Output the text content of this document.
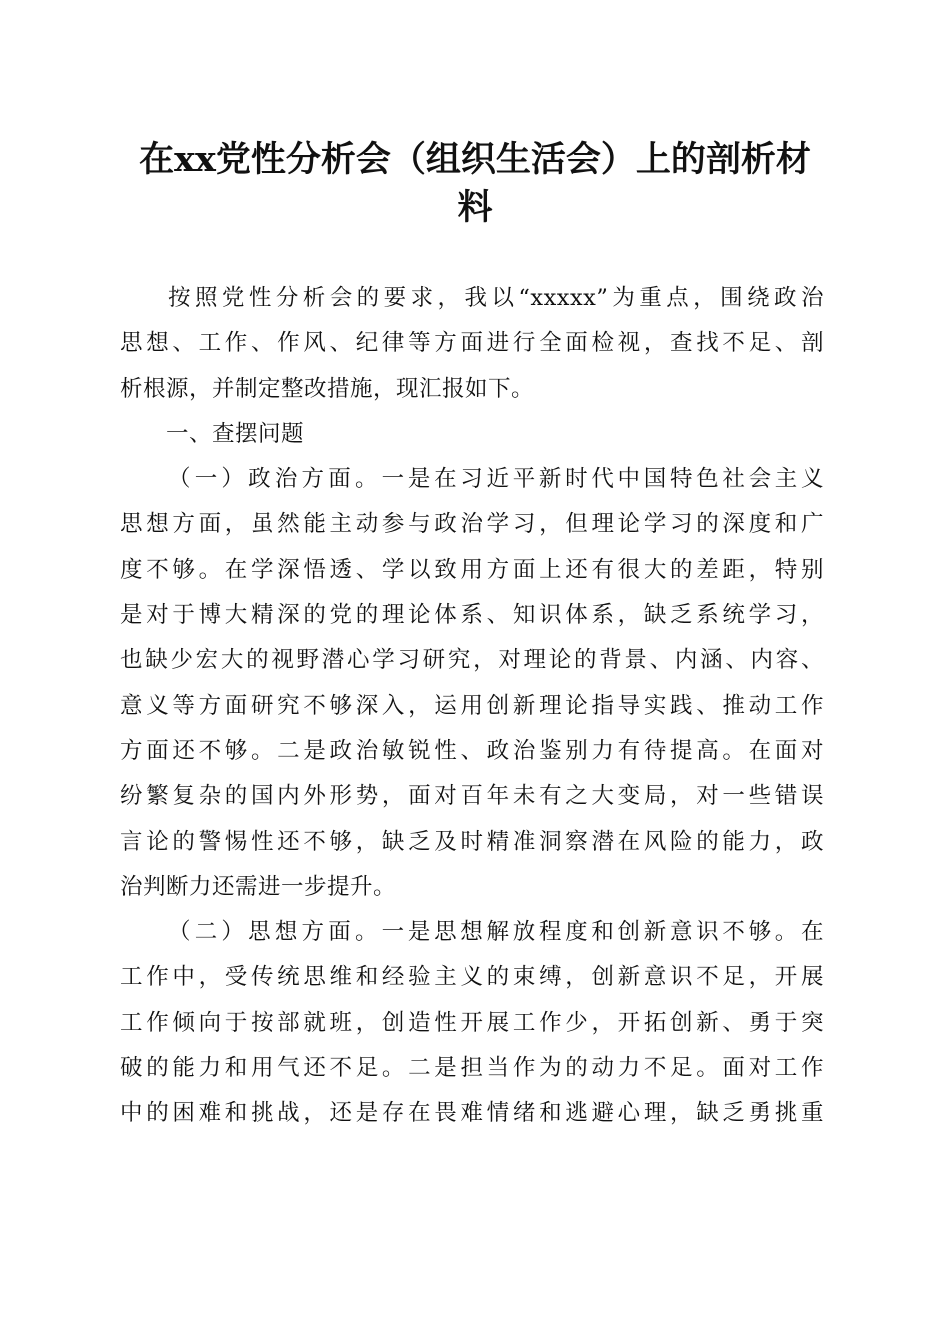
在xx党性分析会（组织生活会）上的剖析材
料
按照党性分析会的要求，我以“xxxxx”为重点，围绕政治
思想、工作、作风、纪律等方面进行全面检视，查找不足、剖
析根源，并制定整改措施，现汇报如下。
一、查摆问题
（一）政治方面。一是在习近平新时代中国特色社会主义
思想方面，虽然能主动参与政治学习，但理论学习的深度和广
度不够。在学深悟透、学以致用方面上还有很大的差距，特别
是对于博大精深的党的理论体系、知识体系，缺乏系统学习，
也缺少宏大的视野潜心学习研究，对理论的背景、内涵、内容、
意义等方面研究不够深入，运用创新理论指导实践、推动工作
方面还不够。二是政治敏锐性、政治鉴别力有待提高。在面对
纷繁复杂的国内外形势，面对百年未有之大变局，对一些错误
言论的警惕性还不够，缺乏及时精准洞察潜在风险的能力，政
治判断力还需进一步提升。
（二）思想方面。一是思想解放程度和创新意识不够。在
工作中，受传统思维和经验主义的束缚，创新意识不足，开展
工作倾向于按部就班，创造性开展工作少，开拓创新、勇于突
破的能力和用气还不足。二是担当作为的动力不足。面对工作
中的困难和挑战，还是存在畏难情绪和逃避心理，缺乏勇挑重
